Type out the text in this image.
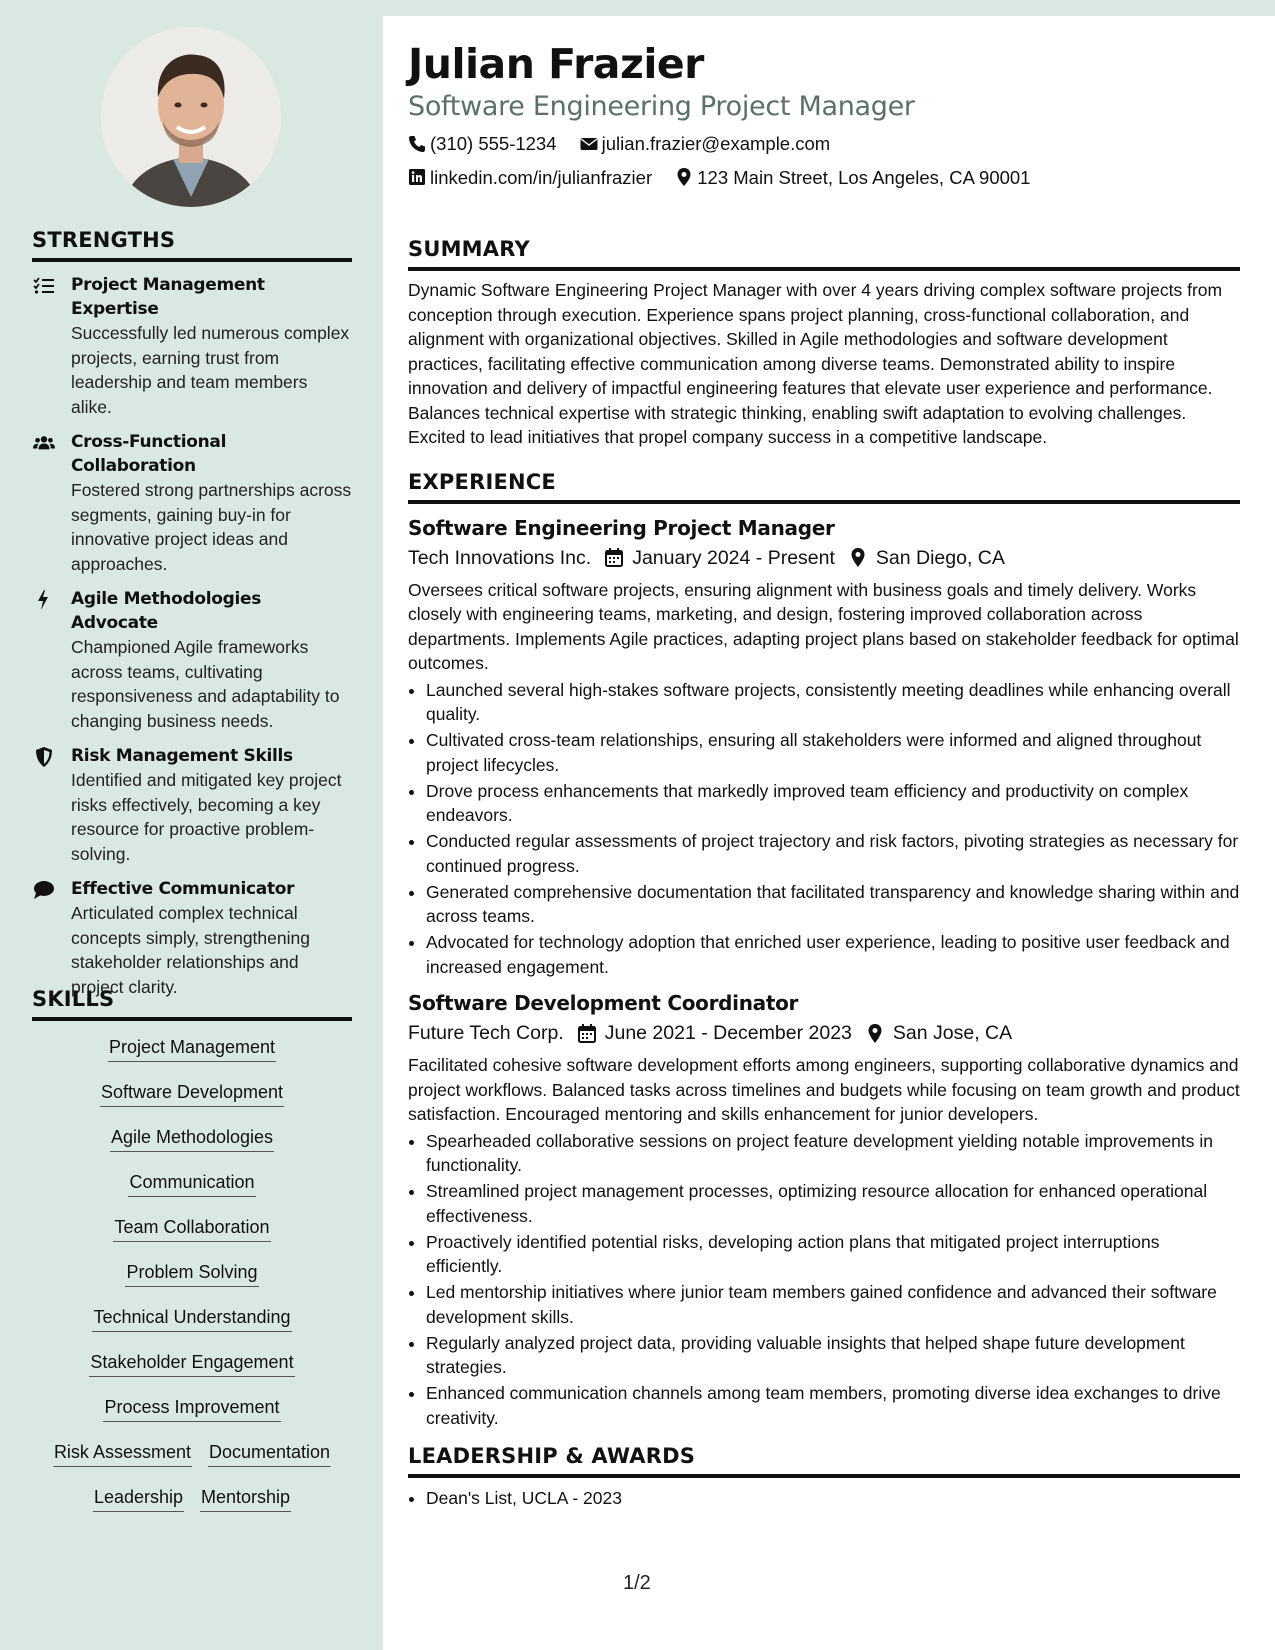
STRENGTHS
Project Management Expertise
Successfully led numerous complex projects, earning trust from leadership and team members alike.
Cross-Functional Collaboration
Fostered strong partnerships across segments, gaining buy-in for innovative project ideas and approaches.
Agile Methodologies Advocate
Championed Agile frameworks across teams, cultivating responsiveness and adaptability to changing business needs.
Risk Management Skills
Identified and mitigated key project risks effectively, becoming a key resource for proactive problem-solving.
Effective Communicator
Articulated complex technical concepts simply, strengthening stakeholder relationships and project clarity.
SKILLS
Project Management
Software Development
Agile Methodologies
Communication
Team Collaboration
Problem Solving
Technical Understanding
Stakeholder Engagement
Process Improvement
Risk Assessment Documentation
Leadership Mentorship
Julian Frazier
Software Engineering Project Manager
(310) 555-1234
julian.frazier@example.com
linkedin.com/in/julianfrazier
123 Main Street, Los Angeles, CA 90001
SUMMARY
Dynamic Software Engineering Project Manager with over 4 years driving complex software projects from conception through execution. Experience spans project planning, cross-functional collaboration, and alignment with organizational objectives. Skilled in Agile methodologies and software development practices, facilitating effective communication among diverse teams. Demonstrated ability to inspire innovation and delivery of impactful engineering features that elevate user experience and performance. Balances technical expertise with strategic thinking, enabling swift adaptation to evolving challenges. Excited to lead initiatives that propel company success in a competitive landscape.
EXPERIENCE
Software Engineering Project Manager
Tech Innovations Inc. January 2024 - Present San Diego, CA
Oversees critical software projects, ensuring alignment with business goals and timely delivery. Works closely with engineering teams, marketing, and design, fostering improved collaboration across departments. Implements Agile practices, adapting project plans based on stakeholder feedback for optimal outcomes.
• Launched several high-stakes software projects, consistently meeting deadlines while enhancing overall quality.
• Cultivated cross-team relationships, ensuring all stakeholders were informed and aligned throughout project lifecycles.
• Drove process enhancements that markedly improved team efficiency and productivity on complex endeavors.
• Conducted regular assessments of project trajectory and risk factors, pivoting strategies as necessary for continued progress.
• Generated comprehensive documentation that facilitated transparency and knowledge sharing within and across teams.
• Advocated for technology adoption that enriched user experience, leading to positive user feedback and increased engagement.
Software Development Coordinator
Future Tech Corp. June 2021 - December 2023 San Jose, CA
Facilitated cohesive software development efforts among engineers, supporting collaborative dynamics and project workflows. Balanced tasks across timelines and budgets while focusing on team growth and product satisfaction. Encouraged mentoring and skills enhancement for junior developers.
• Spearheaded collaborative sessions on project feature development yielding notable improvements in functionality.
• Streamlined project management processes, optimizing resource allocation for enhanced operational effectiveness.
• Proactively identified potential risks, developing action plans that mitigated project interruptions efficiently.
• Led mentorship initiatives where junior team members gained confidence and advanced their software development skills.
• Regularly analyzed project data, providing valuable insights that helped shape future development strategies.
• Enhanced communication channels among team members, promoting diverse idea exchanges to drive creativity.
LEADERSHIP & AWARDS
• Dean's List, UCLA - 2023
1/2
